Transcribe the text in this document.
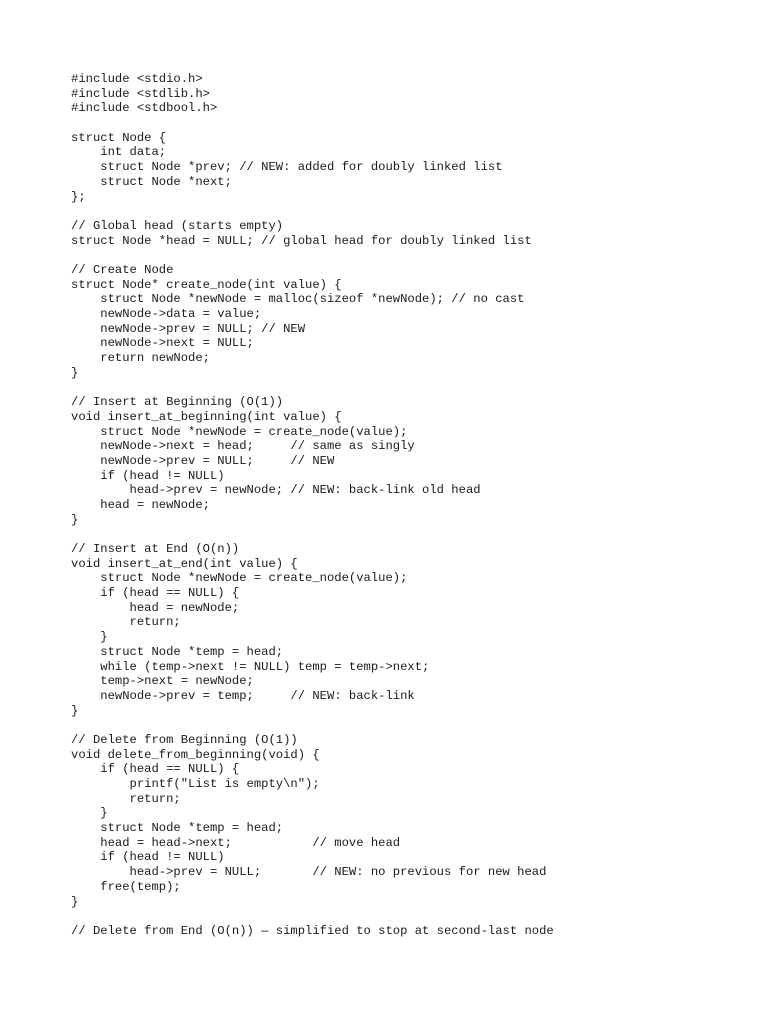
#include <stdio.h>
#include <stdlib.h>
#include <stdbool.h>
struct Node {
int data;
struct Node *prev; // NEW: added for doubly linked list
struct Node *next;
};
// Global head (starts empty)
struct Node *head = NULL; // global head for doubly linked list
// Create Node
struct Node* create_node(int value) {
struct Node *newNode = malloc(sizeof *newNode); // no cast
newNode->data = value;
newNode->prev = NULL; // NEW
newNode->next = NULL;
return newNode;
}
// Insert at Beginning (O(1))
void insert_at_beginning(int value) {
struct Node *newNode = create_node(value);
newNode->next = head;     // same as singly
newNode->prev = NULL;     // NEW
if (head != NULL)
head->prev = newNode; // NEW: back-link old head
head = newNode;
}
// Insert at End (O(n))
void insert_at_end(int value) {
struct Node *newNode = create_node(value);
if (head == NULL) {
head = newNode;
return;
}
struct Node *temp = head;
while (temp->next != NULL) temp = temp->next;
temp->next = newNode;
newNode->prev = temp;     // NEW: back-link
}
// Delete from Beginning (O(1))
void delete_from_beginning(void) {
if (head == NULL) {
printf("List is empty\n");
return;
}
struct Node *temp = head;
head = head->next;           // move head
if (head != NULL)
head->prev = NULL;       // NEW: no previous for new head
free(temp);
}
// Delete from End (O(n)) — simplified to stop at second-last node
